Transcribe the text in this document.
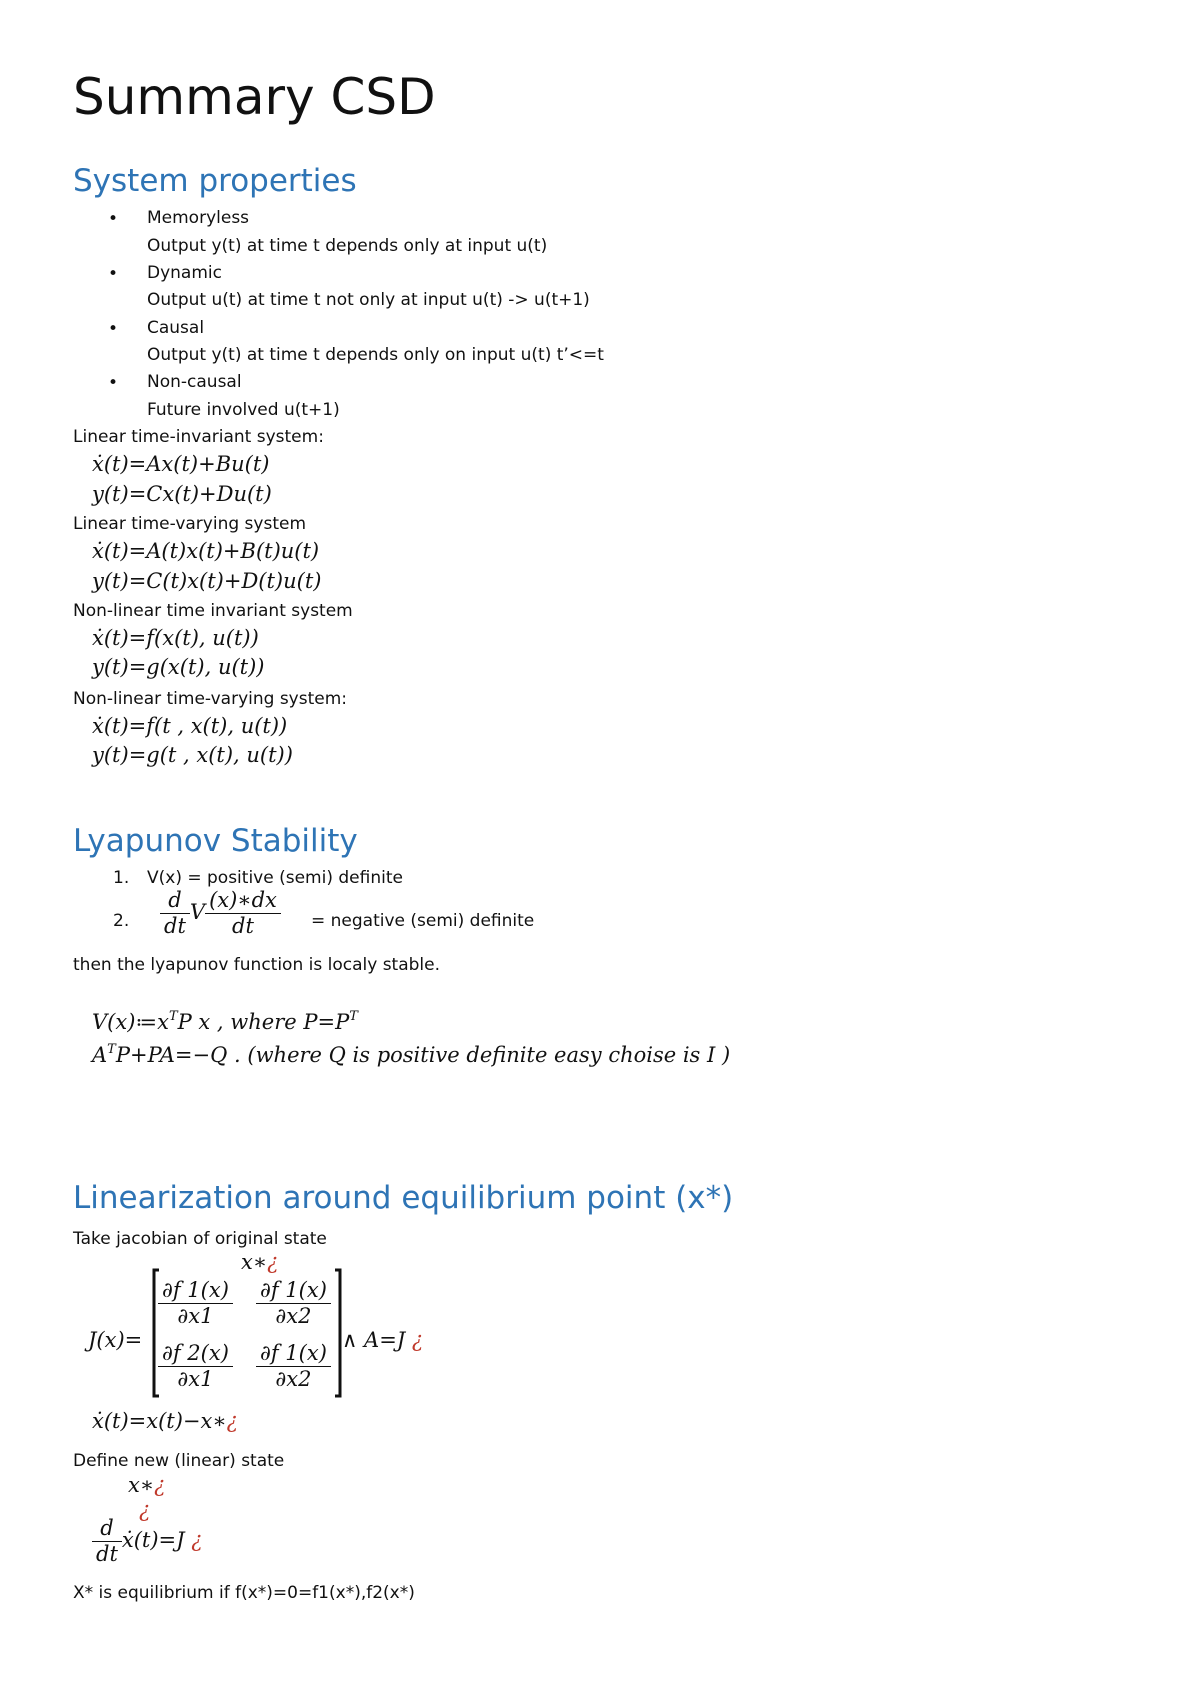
Summary CSD
System properties
• Memoryless
Output y(t) at time t depends only at input u(t)
• Dynamic
Output u(t) at time t not only at input u(t) -> u(t+1)
• Causal
Output y(t) at time t depends only on input u(t) t’<=t
• Non-causal
Future involved u(t+1)
Linear time-invariant system:
ẋ(t)=Ax(t)+Bu(t)
y(t)=Cx(t)+Du(t)
Linear time-varying system
ẋ(t)=A(t)x(t)+B(t)u(t)
y(t)=C(t)x(t)+D(t)u(t)
Non-linear time invariant system
ẋ(t)=f(x(t), u(t))
y(t)=g(x(t), u(t))
Non-linear time-varying system:
ẋ(t)=f(t , x(t), u(t))
y(t)=g(t , x(t), u(t))
Lyapunov Stability
1. V(x) = positive (semi) definite
2. $\frac{d}{dt}$ V $\frac{(x)∗dx}{dt}$ = negative (semi) definite
then the lyapunov function is localy stable.
$V(x)≔x^TP$ x , where $P=P^T$
$A^TP+PA=-Q$ . (where Q is positive definite easy choise is I )
Linearization around equilibrium point (x*)
Take jacobian of original state
x∗¿
J(x)=
$\frac{\partial f 1(x)}{\partial x1} \frac{\partial f 1(x)}{\partial x2}$
$\frac{\partial f 2(x)}{\partial x1} \frac{\partial f 1(x)}{\partial x2}$
∧ A=J ¿
ẋ(t)=x(t)−x∗¿
Define new (linear) state
x∗¿
¿
$\frac{d}{dt}$ ẋ(t)=J ¿
X* is equilibrium if f(x*)=0=f1(x*),f2(x*)
